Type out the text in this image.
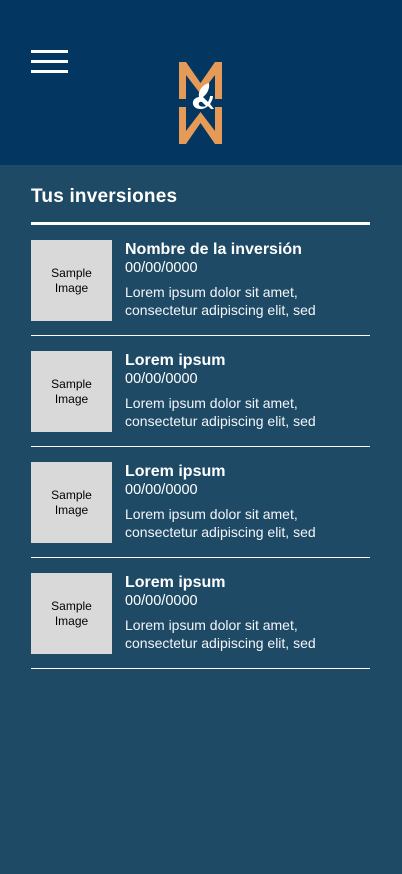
Tus inversiones
Sample Image
Nombre de la inversión
00/00/0000
Lorem ipsum dolor sit amet, consectetur adipiscing elit, sed
Sample Image
Lorem ipsum
00/00/0000
Lorem ipsum dolor sit amet, consectetur adipiscing elit, sed
Sample Image
Lorem ipsum
00/00/0000
Lorem ipsum dolor sit amet, consectetur adipiscing elit, sed
Sample Image
Lorem ipsum
00/00/0000
Lorem ipsum dolor sit amet, consectetur adipiscing elit, sed
